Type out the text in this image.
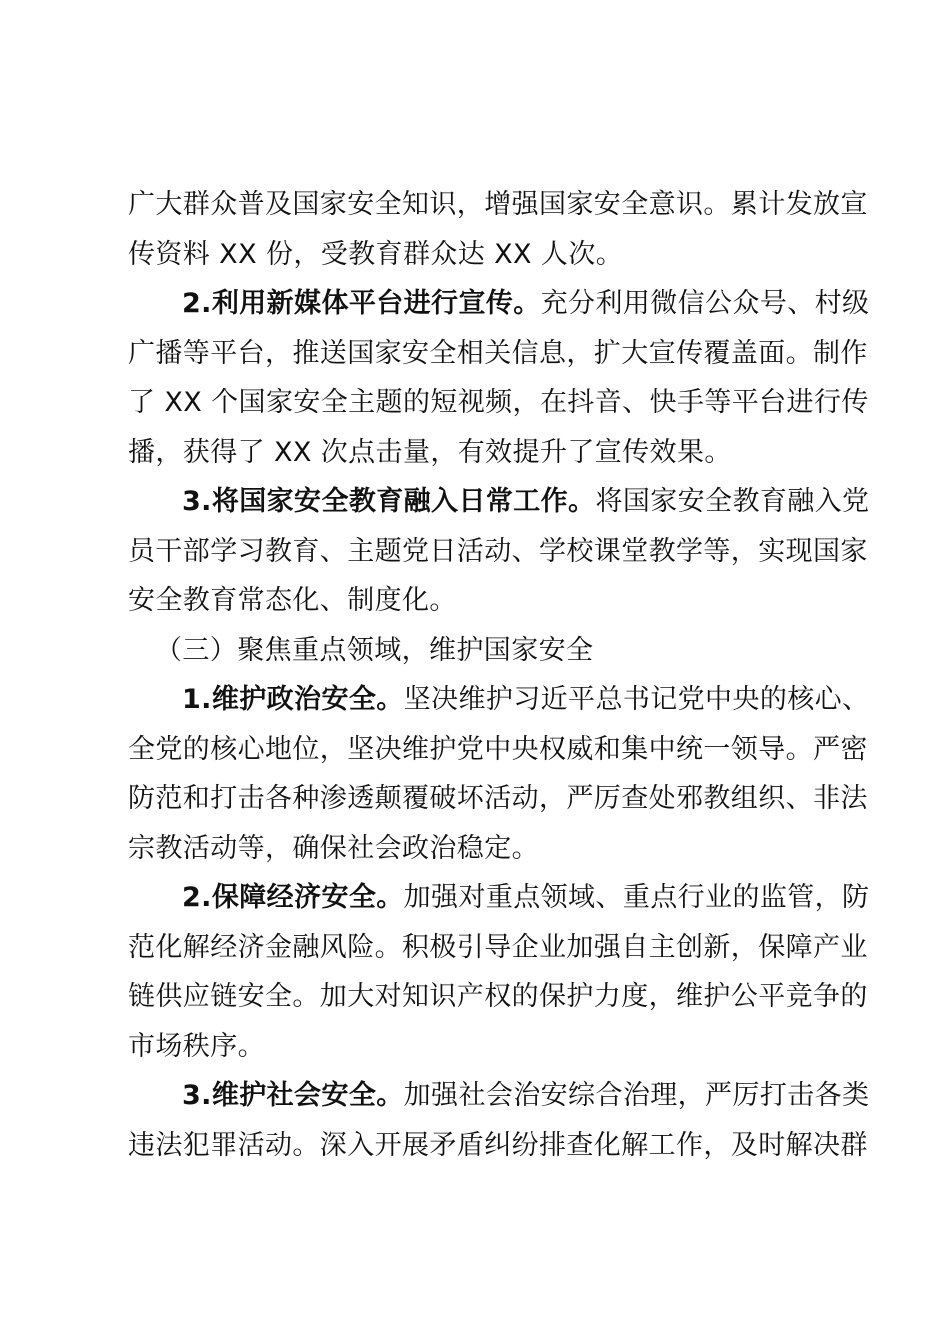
广大群众普及国家安全知识，增强国家安全意识。累计发放宣
传资料 XX 份，受教育群众达 XX 人次。

2.利用新媒体平台进行宣传。充分利用微信公众号、村级
广播等平台，推送国家安全相关信息，扩大宣传覆盖面。制作
了 XX 个国家安全主题的短视频，在抖音、快手等平台进行传
播，获得了 XX 次点击量，有效提升了宣传效果。

3.将国家安全教育融入日常工作。将国家安全教育融入党
员干部学习教育、主题党日活动、学校课堂教学等，实现国家
安全教育常态化、制度化。

（三）聚焦重点领域，维护国家安全

1.维护政治安全。坚决维护习近平总书记党中央的核心、
全党的核心地位，坚决维护党中央权威和集中统一领导。严密
防范和打击各种渗透颠覆破坏活动，严厉查处邪教组织、非法
宗教活动等，确保社会政治稳定。

2.保障经济安全。加强对重点领域、重点行业的监管，防
范化解经济金融风险。积极引导企业加强自主创新，保障产业
链供应链安全。加大对知识产权的保护力度，维护公平竞争的
市场秩序。

3.维护社会安全。加强社会治安综合治理，严厉打击各类
违法犯罪活动。深入开展矛盾纠纷排查化解工作，及时解决群
